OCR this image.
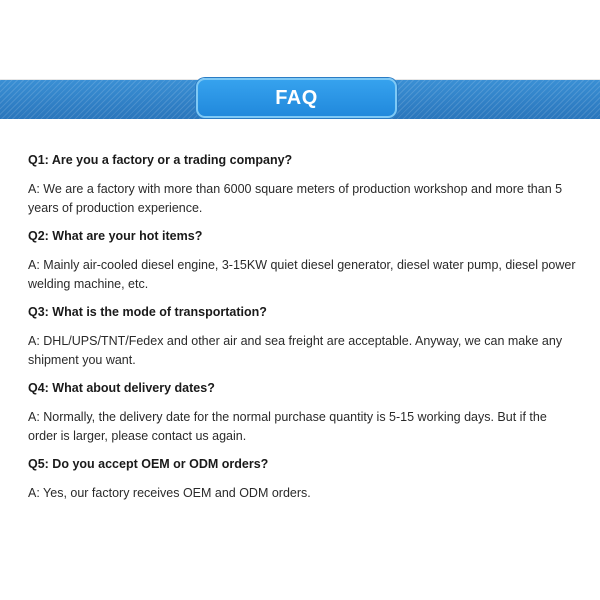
FAQ

Q1: Are you a factory or a trading company?

A: We are a factory with more than 6000 square meters of production workshop and more than 5 years of production experience.

Q2: What are your hot items?

A: Mainly air-cooled diesel engine, 3-15KW quiet diesel generator, diesel water pump, diesel power welding machine, etc.

Q3: What is the mode of transportation?

A: DHL/UPS/TNT/Fedex and other air and sea freight are acceptable. Anyway, we can make any shipment you want.

Q4: What about delivery dates?

A: Normally, the delivery date for the normal purchase quantity is 5-15 working days. But if the order is larger, please contact us again.

Q5: Do you accept OEM or ODM orders?

A: Yes, our factory receives OEM and ODM orders.
